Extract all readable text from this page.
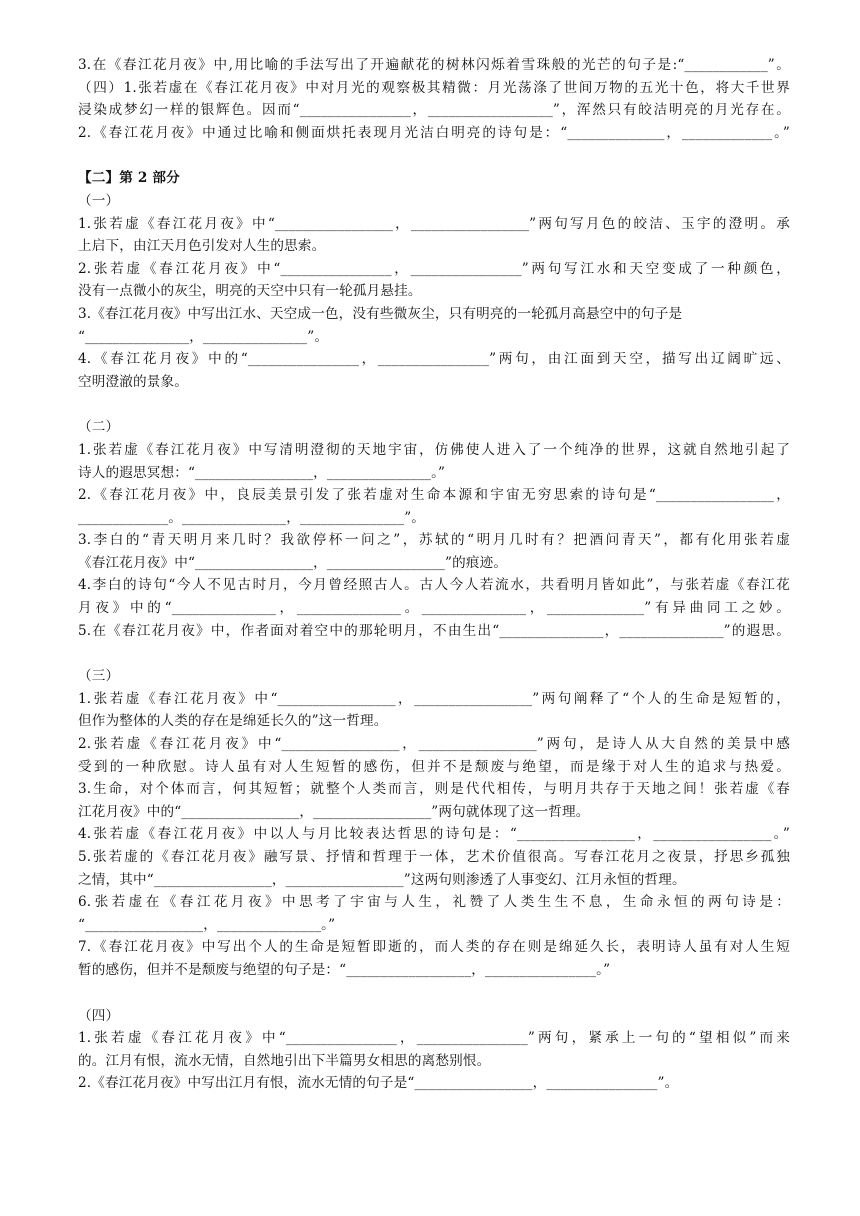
3.在《春江花月夜》中,用比喻的手法写出了开遍献花的树林闪烁着雪珠般的光芒的句子是:“____________”。
（四）1.张若虚在《春江花月夜》中对月光的观察极其精微：月光荡涤了世间万物的五光十色，将大千世界
浸染成梦幻一样的银辉色。因而“________________，__________________”，浑然只有皎洁明亮的月光存在。
2.《春江花月夜》中通过比喻和侧面烘托表现月光洁白明亮的诗句是：“______________，_____________。”
【二】第 2 部分
（一）
1.张若虚《春江花月夜》中“_________________，_________________”两句写月色的皎洁、玉宇的澄明。承
上启下，由江天月色引发对人生的思索。
2.张若虚《春江花月夜》中“________________，________________”两句写江水和天空变成了一种颜色，
没有一点微小的灰尘，明亮的天空中只有一轮孤月悬挂。
3.《春江花月夜》中写出江水、天空成一色，没有些微灰尘，只有明亮的一轮孤月高悬空中的句子是
“_______________，_______________”。
4.《春江花月夜》中的“________________，________________”两句，由江面到天空，描写出辽阔旷远、
空明澄澈的景象。
（二）
1.张若虚《春江花月夜》中写清明澄彻的天地宇宙，仿佛使人进入了一个纯净的世界，这就自然地引起了
诗人的遐思冥想：“_________________，_______________。”
2.《春江花月夜》中，良辰美景引发了张若虚对生命本源和宇宙无穷思索的诗句是“_________________，
_____________。_______________，_______________”。
3.李白的“青天明月来几时？我欲停杯一问之”，苏轼的“明月几时有？把酒问青天”，都有化用张若虚
《春江花月夜》中“_________________，_________________”的痕迹。
4.李白的诗句“今人不见古时月，今月曾经照古人。古人今人若流水，共看明月皆如此”，与张若虚《春江花
月夜》中的“_______________，_______________。_______________，______________”有异曲同工之妙。
5.在《春江花月夜》中，作者面对着空中的那轮明月，不由生出“_______________，_______________”的遐思。
（三）
1.张若虚《春江花月夜》中“_________________，_________________”两句阐释了“个人的生命是短暂的，
但作为整体的人类的存在是绵延长久的”这一哲理。
2.张若虚《春江花月夜》中“_________________，_________________”两句，是诗人从大自然的美景中感
受到的一种欣慰。诗人虽有对人生短暂的感伤，但并不是颓废与绝望，而是缘于对人生的追求与热爱。
3.生命，对个体而言，何其短暂；就整个人类而言，则是代代相传，与明月共存于天地之间！张若虚《春
江花月夜》中的“_________________，_________________”两句就体现了这一哲理。
4.张若虚《春江花月夜》中以人与月比较表达哲思的诗句是：“_________________，_________________。”
5.张若虚的《春江花月夜》融写景、抒情和哲理于一体，艺术价值很高。写春江花月之夜景，抒思乡孤独
之情，其中“_________________，_________________”这两句则渗透了人事变幻、江月永恒的哲理。
6.张若虚在《春江花月夜》中思考了宇宙与人生，礼赞了人类生生不息，生命永恒的两句诗是：
“_________________，_______________。”
7.《春江花月夜》中写出个人的生命是短暂即逝的，而人类的存在则是绵延久长，表明诗人虽有对人生短
暂的感伤，但并不是颓废与绝望的句子是：“__________________，________________。”
（四）
1.张若虚《春江花月夜》中“________________，________________”两句，紧承上一句的“望相似”而来
的。江月有恨，流水无情，自然地引出下半篇男女相思的离愁别恨。
2.《春江花月夜》中写出江月有恨，流水无情的句子是“_________________，________________”。
